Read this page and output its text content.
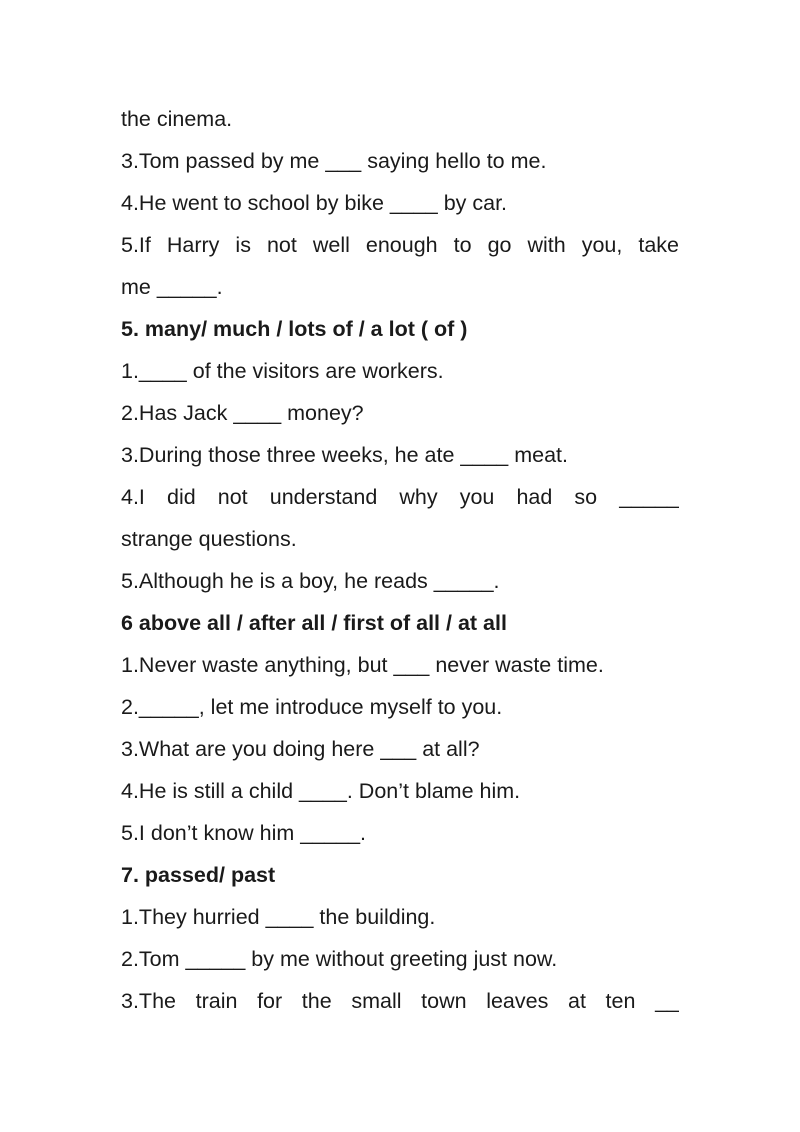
the cinema.
3.Tom passed by me ___ saying hello to me.
4.He went to school by bike ____ by car.
5.If Harry is not well enough to go with you, take
me _____.
5. many/ much / lots of / a lot ( of )
1.____ of the visitors are workers.
2.Has Jack ____ money?
3.During those three weeks, he ate ____ meat.
4.I did not understand why you had so _____
strange questions.
5.Although he is a boy, he reads _____.
6 above all / after all / first of all / at all
1.Never waste anything, but ___ never waste time.
2._____, let me introduce myself to you.
3.What are you doing here ___ at all?
4.He is still a child ____. Don’t blame him.
5.I don’t know him _____.
7. passed/ past
1.They hurried ____ the building.
2.Tom _____ by me without greeting just now.
3.The train for the small town leaves at ten __
